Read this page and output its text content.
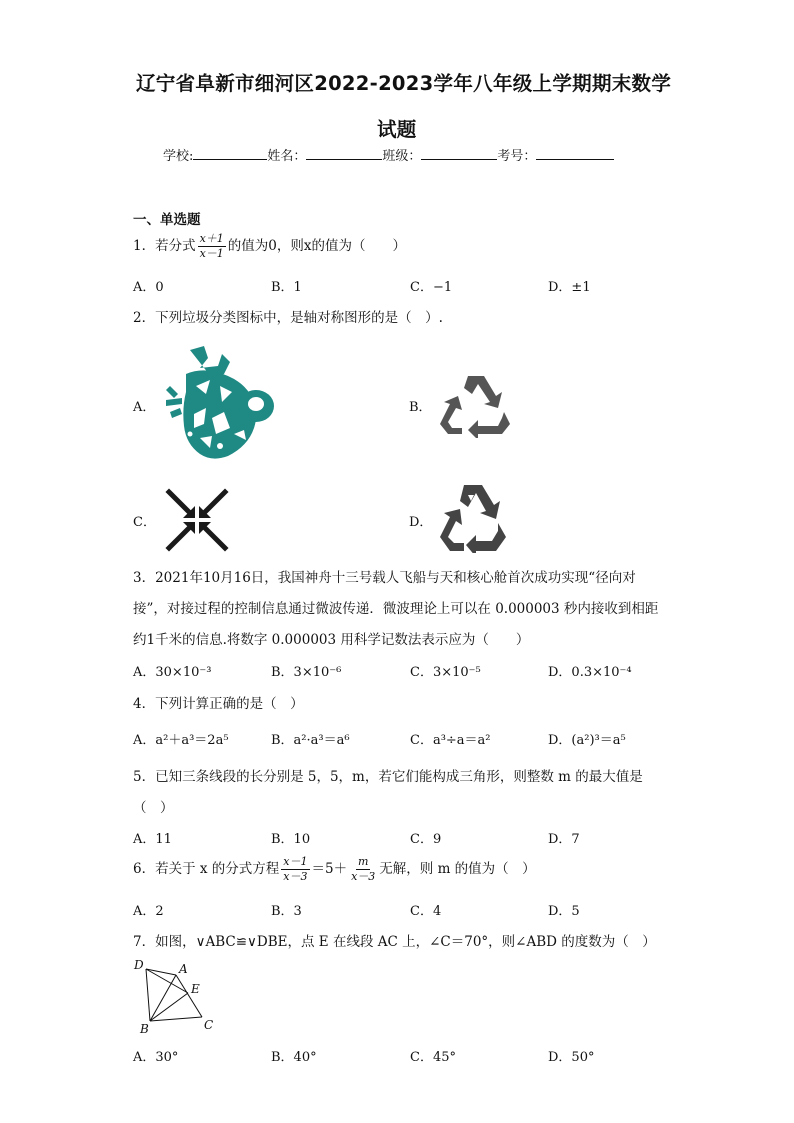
辽宁省阜新市细河区2022-2023学年八年级上学期期末数学
试题
学校:	姓名：	班级：	考号：
一、单选题
1．若分式 $\frac{x+1}{x-1}$ 的值为0，则x的值为（　　）
A．0	B．1	C．−1	D．±1
2．下列垃圾分类图标中，是轴对称图形的是（　）.
A．	B．
C．	D．
3．2021年10月16日，我国神舟十三号载人飞船与天和核心舱首次成功实现“径向对
接”，对接过程的控制信息通过微波传递．微波理论上可以在 0.000003 秒内接收到相距
约1千米的信息.将数字 0.000003 用科学记数法表示应为（　　）
A．30×10⁻³	B．3×10⁻⁶	C．3×10⁻⁵	D．0.3×10⁻⁴
4．下列计算正确的是（　）
A．a²＋a³＝2a⁵	B．a²·a³＝a⁶	C．a³÷a＝a²	D．(a²)³＝a⁵
5．已知三条线段的长分别是 5，5，m，若它们能构成三角形，则整数 m 的最大值是
（　）
A．11	B．10	C．9	D．7
6．若关于 x 的分式方程 $\frac{x-1}{x-3} =5+ \frac{m}{x-3}$ 无解，则 m 的值为（　）
A．2	B．3	C．4	D．5
7．如图，∨ABC≌∨DBE，点 E 在线段 AC 上，∠C＝70°，则∠ABD 的度数为（　）
D	A
E
B	C
A．30°	B．40°	C．45°	D．50°
